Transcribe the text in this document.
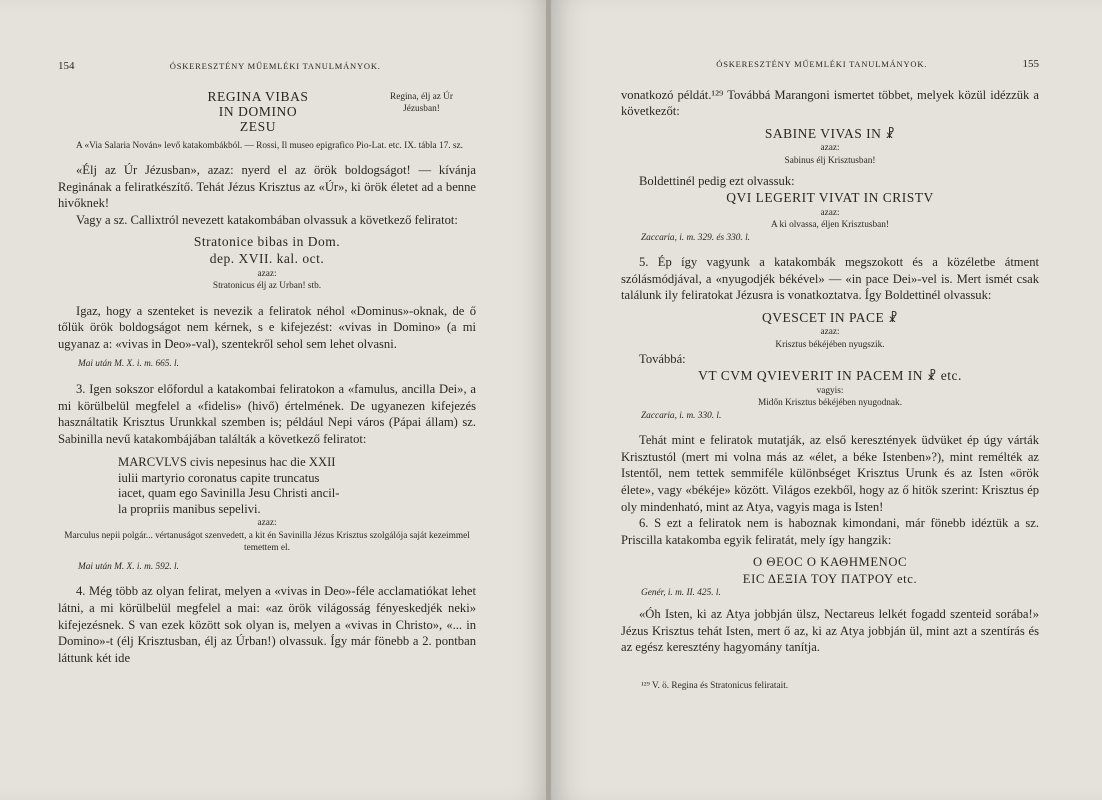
154	ÓSKERESZTÉNY MŰEMLÉKI TANULMÁNYOK.
REGINA VIBAS
IN DOMINO
ZESU
Regina, élj az Úr
Jézusban!

A «Via Salaria Nován» levő katakombákból. — Rossi, Il museo epigrafico Pio-Lat. etc. IX. tábla 17. sz.

«Élj az Úr Jézusban», azaz: nyerd el az örök boldogságot! — kívánja Reginának a feliratkészítő. Tehát Jézus Krisztus az «Úr», ki örök életet ad a benne hivőknek!

Vagy a sz. Callixtról nevezett katakombában olvassuk a következő feliratot:

Stratonice bibas in Dom.
dep. XVII. kal. oct.
azaz:
Stratonicus élj az Urban! stb.

Igaz, hogy a szenteket is nevezik a feliratok néhol «Dominus»-oknak, de ő tőlük örök boldogságot nem kérnek, s e kifejezést: «vivas in Domino» (a mi ugyanaz a: «vivas in Deo»-val), szentekről sehol sem lehet olvasni.

Mai után M. X. i. m. 665. l.

3. Igen sokszor előfordul a katakombai feliratokon a «famulus, ancilla Dei», a mi körülbelül megfelel a «fidelis» (hivő) értelmének. De ugyanezen kifejezés használtatik Krisztus Urunkkal szemben is; például Nepi város (Pápai állam) sz. Sabinilla nevű katakombájában találták a következő feliratot:

MARCVLVS civis nepesinus hac die XXII
iulii martyrio coronatus capite truncatus
iacet, quam ego Savinilla Jesu Christi ancil-
la propriis manibus sepelivi.
azaz:

Marculus nepii polgár... vértanuságot szenvedett, a kit én Savinilla Jézus Krisztus szolgálója saját kezeimmel temettem el.

Mai után M. X. i. m. 592. l.

4. Még több az olyan felirat, melyen a «vivas in Deo»-féle acclamatiókat lehet látni, a mi körülbelül megfelel a mai: «az örök világosság fényeskedjék neki» kifejezésnek. S van ezek között sok olyan is, melyen a «vivas in Christo», «... in Domino»-t (élj Krisztusban, élj az Úrban!) olvassuk. Így már fönebb a 2. pontban láttunk két ide

ÓSKERESZTÉNY MŰEMLÉKI TANULMÁNYOK.	155

vonatkozó példát.¹²⁹ Továbbá Marangoni ismertet többet, melyek közül idézzük a következőt:

SABINE VIVAS IN ☧
azaz:
Sabinus élj Krisztusban!

Boldettinél pedig ezt olvassuk:

QVI LEGERIT VIVAT IN CRISTV
azaz:
A ki olvassa, éljen Krisztusban!

Zaccaria, i. m. 329. és 330. l.

5. Ép így vagyunk a katakombák megszokott és a közéletbe átment szólásmódjával, a «nyugodjék békével» — «in pace Dei»-vel is. Mert ismét csak találunk ily feliratokat Jézusra is vonatkoztatva. Így Boldettinél olvassuk:

QVESCET IN PACE ☧
azaz:
Krisztus békéjében nyugszik.

Továbbá:

VT CVM QVIEVERIT IN PACEM IN ☧ etc.
vagyis:
Midőn Krisztus békéjében nyugodnak.

Zaccaria, i. m. 330. l.

Tehát mint e feliratok mutatják, az első keresztények üdvüket ép úgy várták Krisztustól (mert mi volna más az «élet, a béke Istenben»?), mint remélték az Istentől, nem tettek semmiféle különbséget Krisztus Urunk és az Isten «örök élete», vagy «békéje» között. Világos ezekből, hogy az ő hitök szerint: Krisztus ép oly mindenható, mint az Atya, vagyis maga is Isten!

6. S ezt a feliratok nem is haboznak kimondani, már fönebb idéztük a sz. Priscilla katakomba egyik feliratát, mely így hangzik:

Ο ΘΕΟϹ Ο ΚΑΘΗΜΕΝΟϹ
ΕΙϹ ΔΕΞΙΑ ΤΟΥ ΠΑΤΡΟΥ etc.

Genér, i. m. II. 425. l.

«Óh Isten, ki az Atya jobbján ülsz, Nectareus lelkét fogadd szenteid sorába!» Jézus Krisztus tehát Isten, mert ő az, ki az Atya jobbján ül, mint azt a szentírás és az egész keresztény hagyomány tanítja.

¹²⁹ V. ö. Regina és Stratonicus feliratait.
